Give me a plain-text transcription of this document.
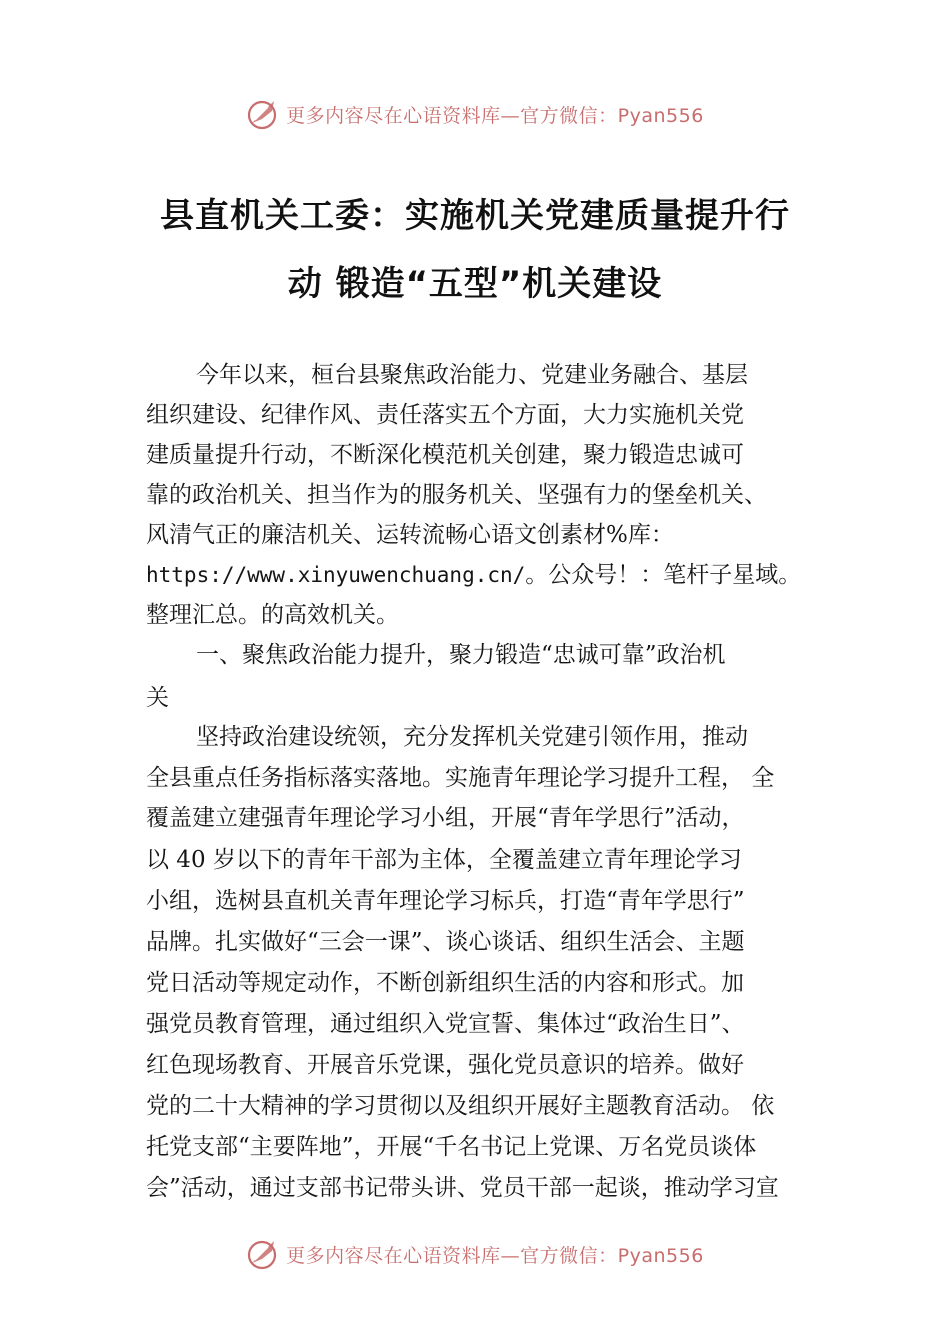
更多内容尽在心语资料库—官方微信：Pyan556
县直机关工委：实施机关党建质量提升行
动 锻造“五型”机关建设
今年以来，桓台县聚焦政治能力、党建业务融合、基层
组织建设、纪律作风、责任落实五个方面，大力实施机关党
建质量提升行动，不断深化模范机关创建，聚力锻造忠诚可
靠的政治机关、担当作为的服务机关、坚强有力的堡垒机关、
风清气正的廉洁机关、运转流畅心语文创素材%库：
https://www.xinyuwenchuang.cn/。公众号！：笔杆子星域。
整理汇总。的高效机关。
一、聚焦政治能力提升，聚力锻造“忠诚可靠”政治机
关
坚持政治建设统领，充分发挥机关党建引领作用，推动
全县重点任务指标落实落地。实施青年理论学习提升工程， 全
覆盖建立建强青年理论学习小组，开展“青年学思行”活动，
以 40 岁以下的青年干部为主体，全覆盖建立青年理论学习
小组，选树县直机关青年理论学习标兵，打造“青年学思行”
品牌。扎实做好“三会一课”、谈心谈话、组织生活会、主题
党日活动等规定动作，不断创新组织生活的内容和形式。加
强党员教育管理，通过组织入党宣誓、集体过“政治生日”、
红色现场教育、开展音乐党课，强化党员意识的培养。做好
党的二十大精神的学习贯彻以及组织开展好主题教育活动。 依
托党支部“主要阵地”，开展“千名书记上党课、万名党员谈体
会”活动，通过支部书记带头讲、党员干部一起谈，推动学习宣
更多内容尽在心语资料库—官方微信：Pyan556
